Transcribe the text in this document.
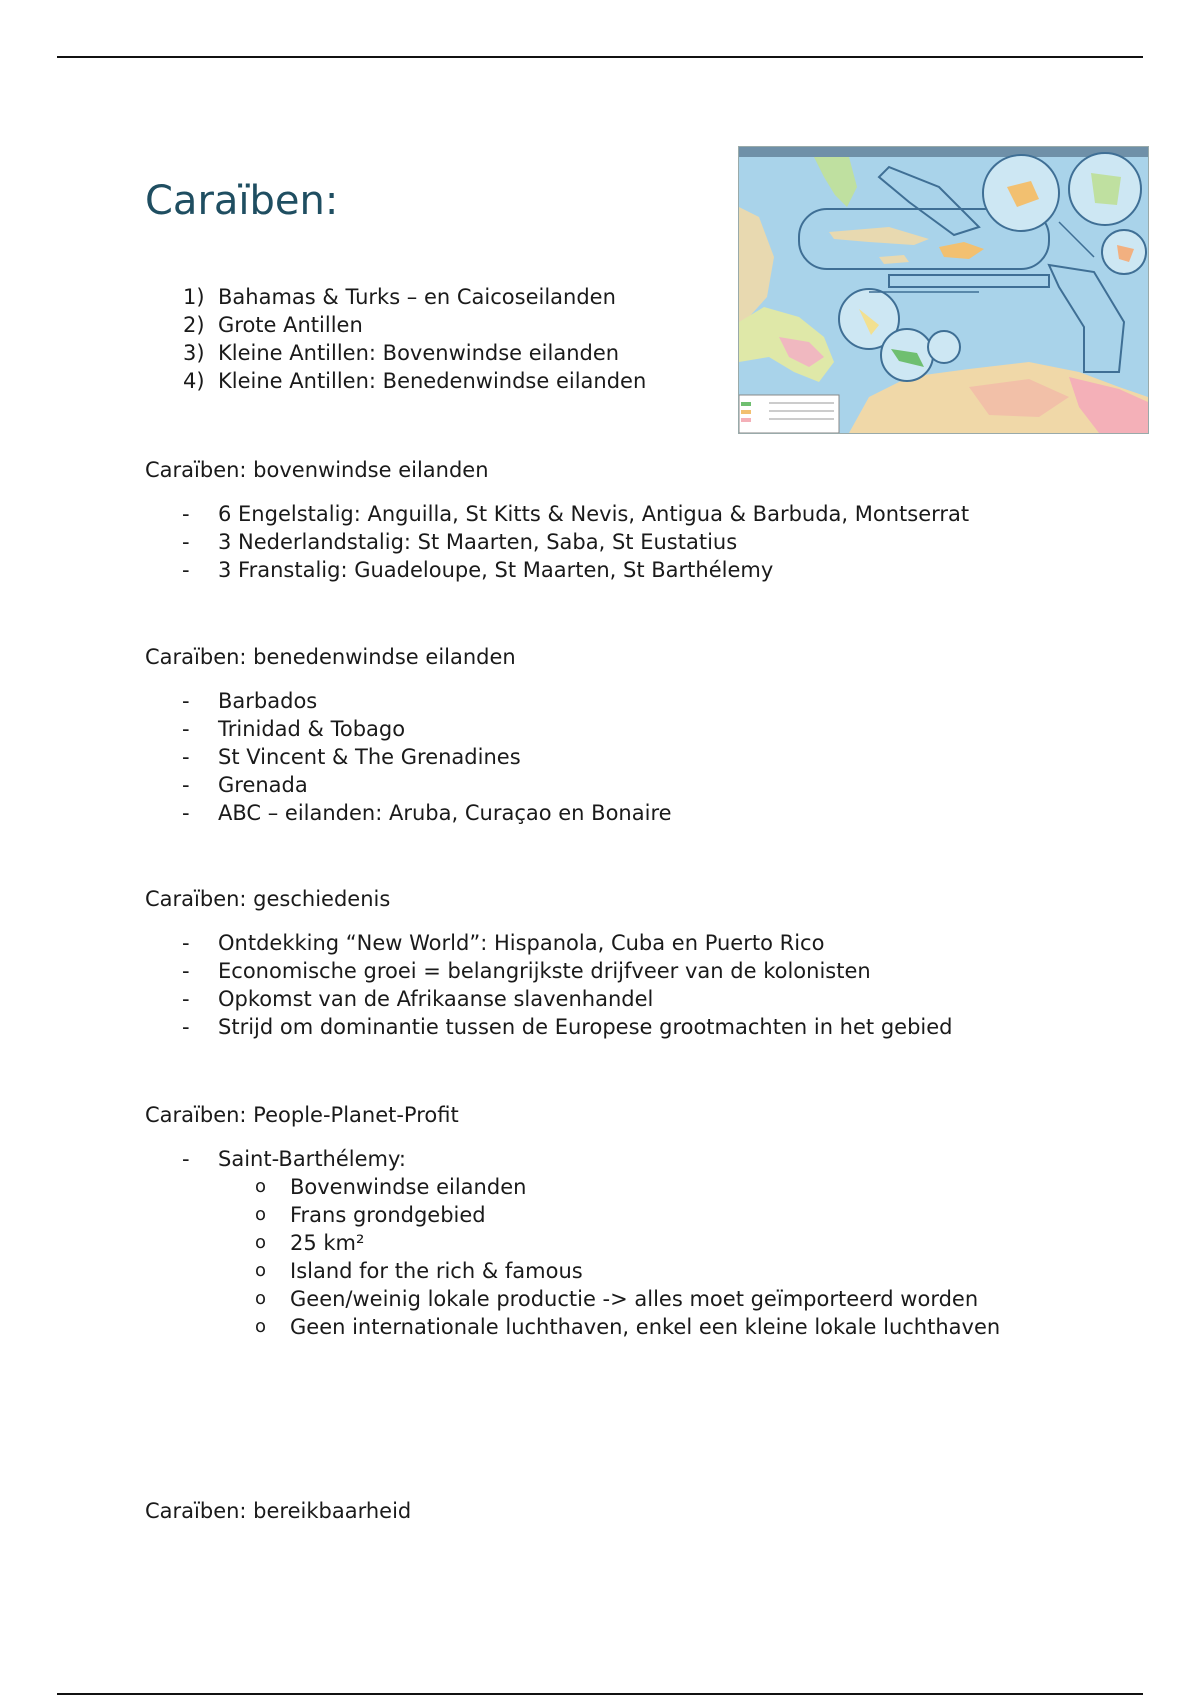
Caraïben:
1) Bahamas & Turks – en Caicoseilanden
2) Grote Antillen
3) Kleine Antillen: Bovenwindse eilanden
4) Kleine Antillen: Benedenwindse eilanden
Caraïben: bovenwindse eilanden
- 6 Engelstalig: Anguilla, St Kitts & Nevis, Antigua & Barbuda, Montserrat
- 3 Nederlandstalig: St Maarten, Saba, St Eustatius
- 3 Franstalig: Guadeloupe, St Maarten, St Barthélemy
Caraïben: benedenwindse eilanden
- Barbados
- Trinidad & Tobago
- St Vincent & The Grenadines
- Grenada
- ABC – eilanden: Aruba, Curaçao en Bonaire
Caraïben: geschiedenis
- Ontdekking “New World”: Hispanola, Cuba en Puerto Rico
- Economische groei = belangrijkste drijfveer van de kolonisten
- Opkomst van de Afrikaanse slavenhandel
- Strijd om dominantie tussen de Europese grootmachten in het gebied
Caraïben: People-Planet-Profit
- Saint-Barthélemy:
o Bovenwindse eilanden
o Frans grondgebied
o 25 km²
o Island for the rich & famous
o Geen/weinig lokale productie -> alles moet geïmporteerd worden
o Geen internationale luchthaven, enkel een kleine lokale luchthaven
Caraïben: bereikbaarheid
